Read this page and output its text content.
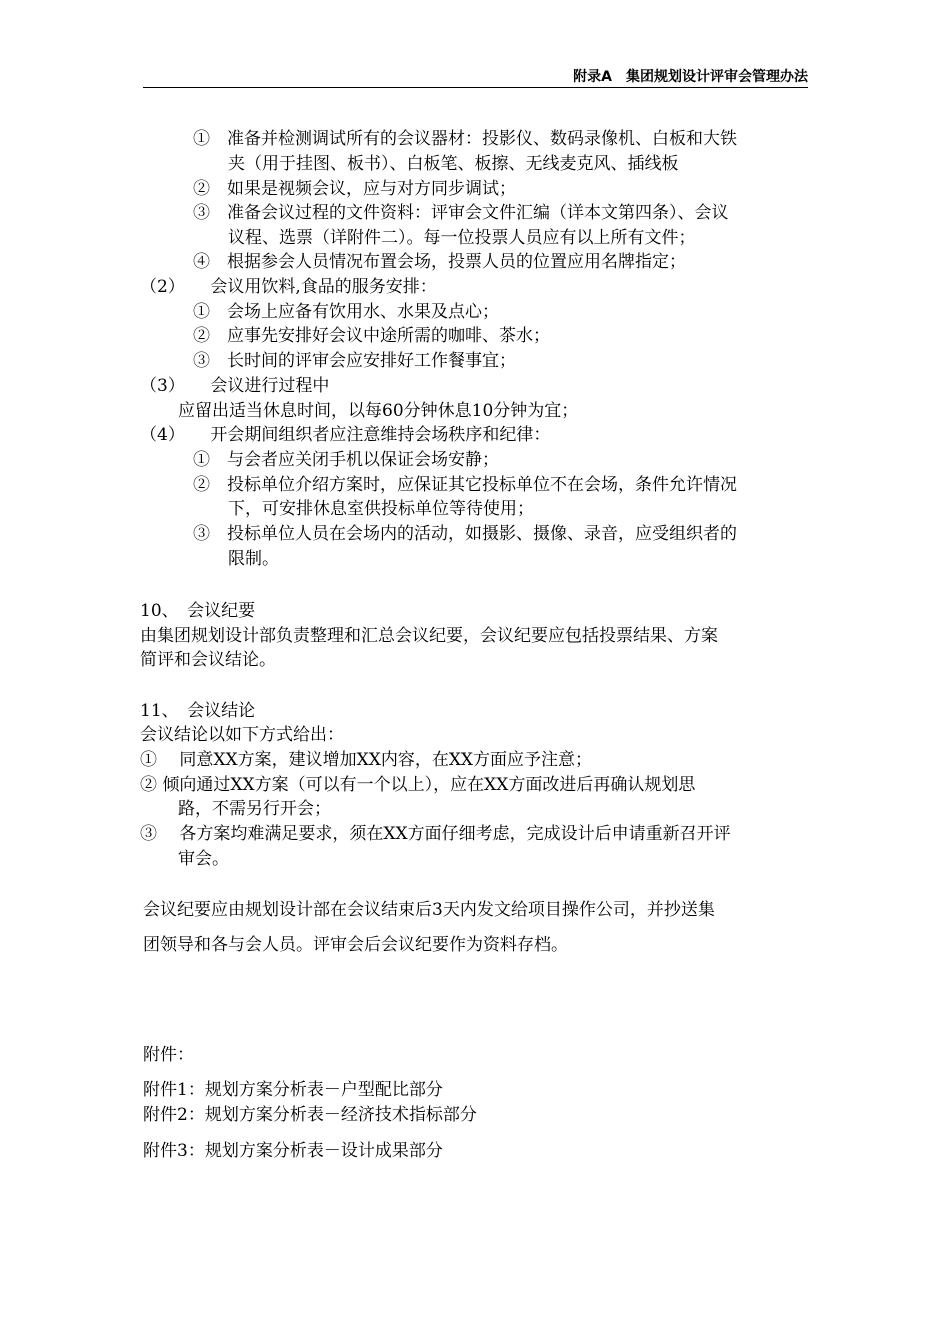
附录A　集团规划设计评审会管理办法
①　准备并检测调试所有的会议器材：投影仪、数码录像机、白板和大铁
夹（用于挂图、板书）、白板笔、板擦、无线麦克风、插线板
②　如果是视频会议，应与对方同步调试；
③　准备会议过程的文件资料：评审会文件汇编（详本文第四条）、会议
议程、选票（详附件二）。每一位投票人员应有以上所有文件；
④　根据参会人员情况布置会场，投票人员的位置应用名牌指定；
（2）　　会议用饮料,食品的服务安排：
①　会场上应备有饮用水、水果及点心；
②　应事先安排好会议中途所需的咖啡、茶水；
③　长时间的评审会应安排好工作餐事宜；
（3）　　会议进行过程中
应留出适当休息时间，以每60分钟休息10分钟为宜；
（4）　　开会期间组织者应注意维持会场秩序和纪律：
①　与会者应关闭手机以保证会场安静；
②　投标单位介绍方案时，应保证其它投标单位不在会场，条件允许情况
下，可安排休息室供投标单位等待使用；
③　投标单位人员在会场内的活动，如摄影、摄像、录音，应受组织者的
限制。
10、　会议纪要
由集团规划设计部负责整理和汇总会议纪要，会议纪要应包括投票结果、方案
简评和会议结论。
11、　会议结论
会议结论以如下方式给出：
①　 同意XX方案，建议增加XX内容，在XX方面应予注意；
② 倾向通过XX方案（可以有一个以上），应在XX方面改进后再确认规划思
路，不需另行开会；
③　 各方案均难满足要求，须在XX方面仔细考虑，完成设计后申请重新召开评
审会。
会议纪要应由规划设计部在会议结束后3天内发文给项目操作公司，并抄送集
团领导和各与会人员。评审会后会议纪要作为资料存档。
附件：
附件1：规划方案分析表－户型配比部分
附件2：规划方案分析表－经济技术指标部分
附件3：规划方案分析表－设计成果部分
